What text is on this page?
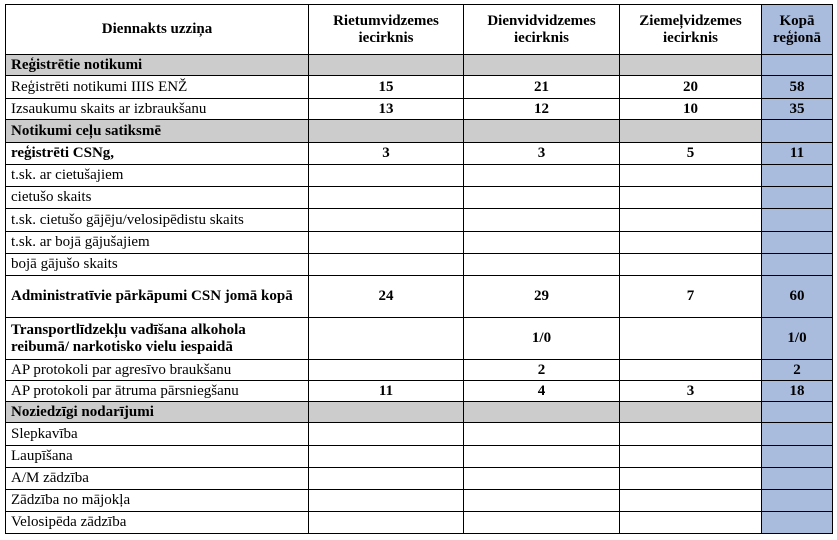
Diennakts uzziņa	Rietumvidzemes iecirknis	Dienvidvidzemes iecirknis	Ziemeļvidzemes iecirknis	Kopā reģionā
Reģistrētie notikumi				
Reģistrēti notikumi IIIS ENŽ	15	21	20	58
Izsaukumu skaits ar izbraukšanu	13	12	10	35
Notikumi ceļu satiksmē				
reģistrēti CSNg,	3	3	5	11
t.sk. ar cietušajiem				
cietušo skaits				
t.sk. cietušo gājēju/velosipēdistu skaits				
t.sk. ar bojā gājušajiem				
bojā gājušo skaits				
Administratīvie pārkāpumi CSN jomā kopā	24	29	7	60
Transportlīdzekļu vadīšana alkohola reibumā/ narkotisko vielu iespaidā		1/0		1/0
AP protokoli par agresīvo braukšanu		2		2
AP protokoli par ātruma pārsniegšanu	11	4	3	18
Noziedzīgi nodarījumi				
Slepkavība				
Laupīšana				
A/M zādzība				
Zādzība no mājokļa				
Velosipēda zādzība				
